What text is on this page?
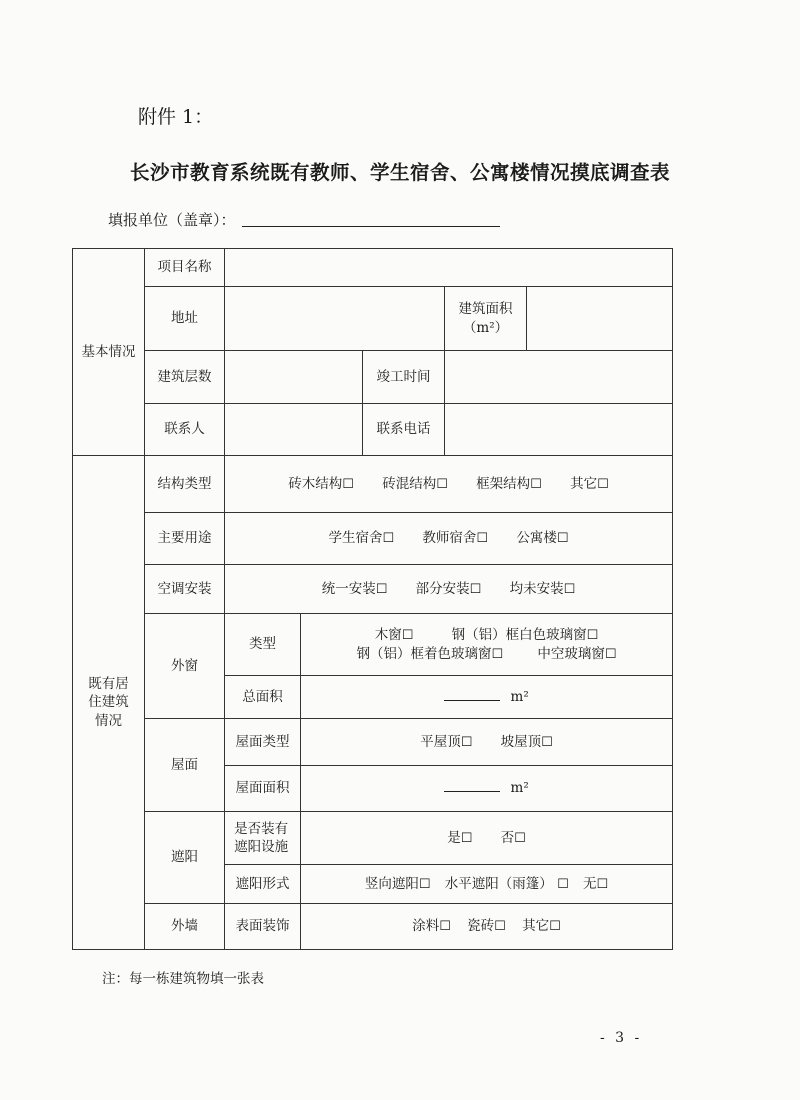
附件 1：
长沙市教育系统既有教师、学生宿舍、公寓楼情况摸底调查表
填报单位（盖章）：
基本情况	项目名称					
	地址				建筑面积
（m²）	

	建筑层数			竣工时间		
	联系人			联系电话		

既有居住建筑情况	结构类型	砖木结构☐ 砖混结构☐ 框架结构☐ 其它☐				
	主要用途	学生宿舍☐ 教师宿舍☐ 公寓楼☐				
	空调安装	统一安装☐ 部分安装☐ 均未安装☐				
	外窗	类型	木窗☐ 钢（铝）框白色玻璃窗☐
钢（铝）框着色玻璃窗☐ 中空玻璃窗☐			

		总面积	m²			
	屋面	屋面类型	平屋顶☐ 坡屋顶☐			
		屋面面积	m²			
	遮阳	是否装有遮阳设施	是☐ 否☐			
		遮阳形式	竖向遮阳☐ 水平遮阳（雨篷） ☐ 无☐			
	外墙	表面装饰	涂料☐ 瓷砖☐ 其它☐			
注：每一栋建筑物填一张表
- 3 -
